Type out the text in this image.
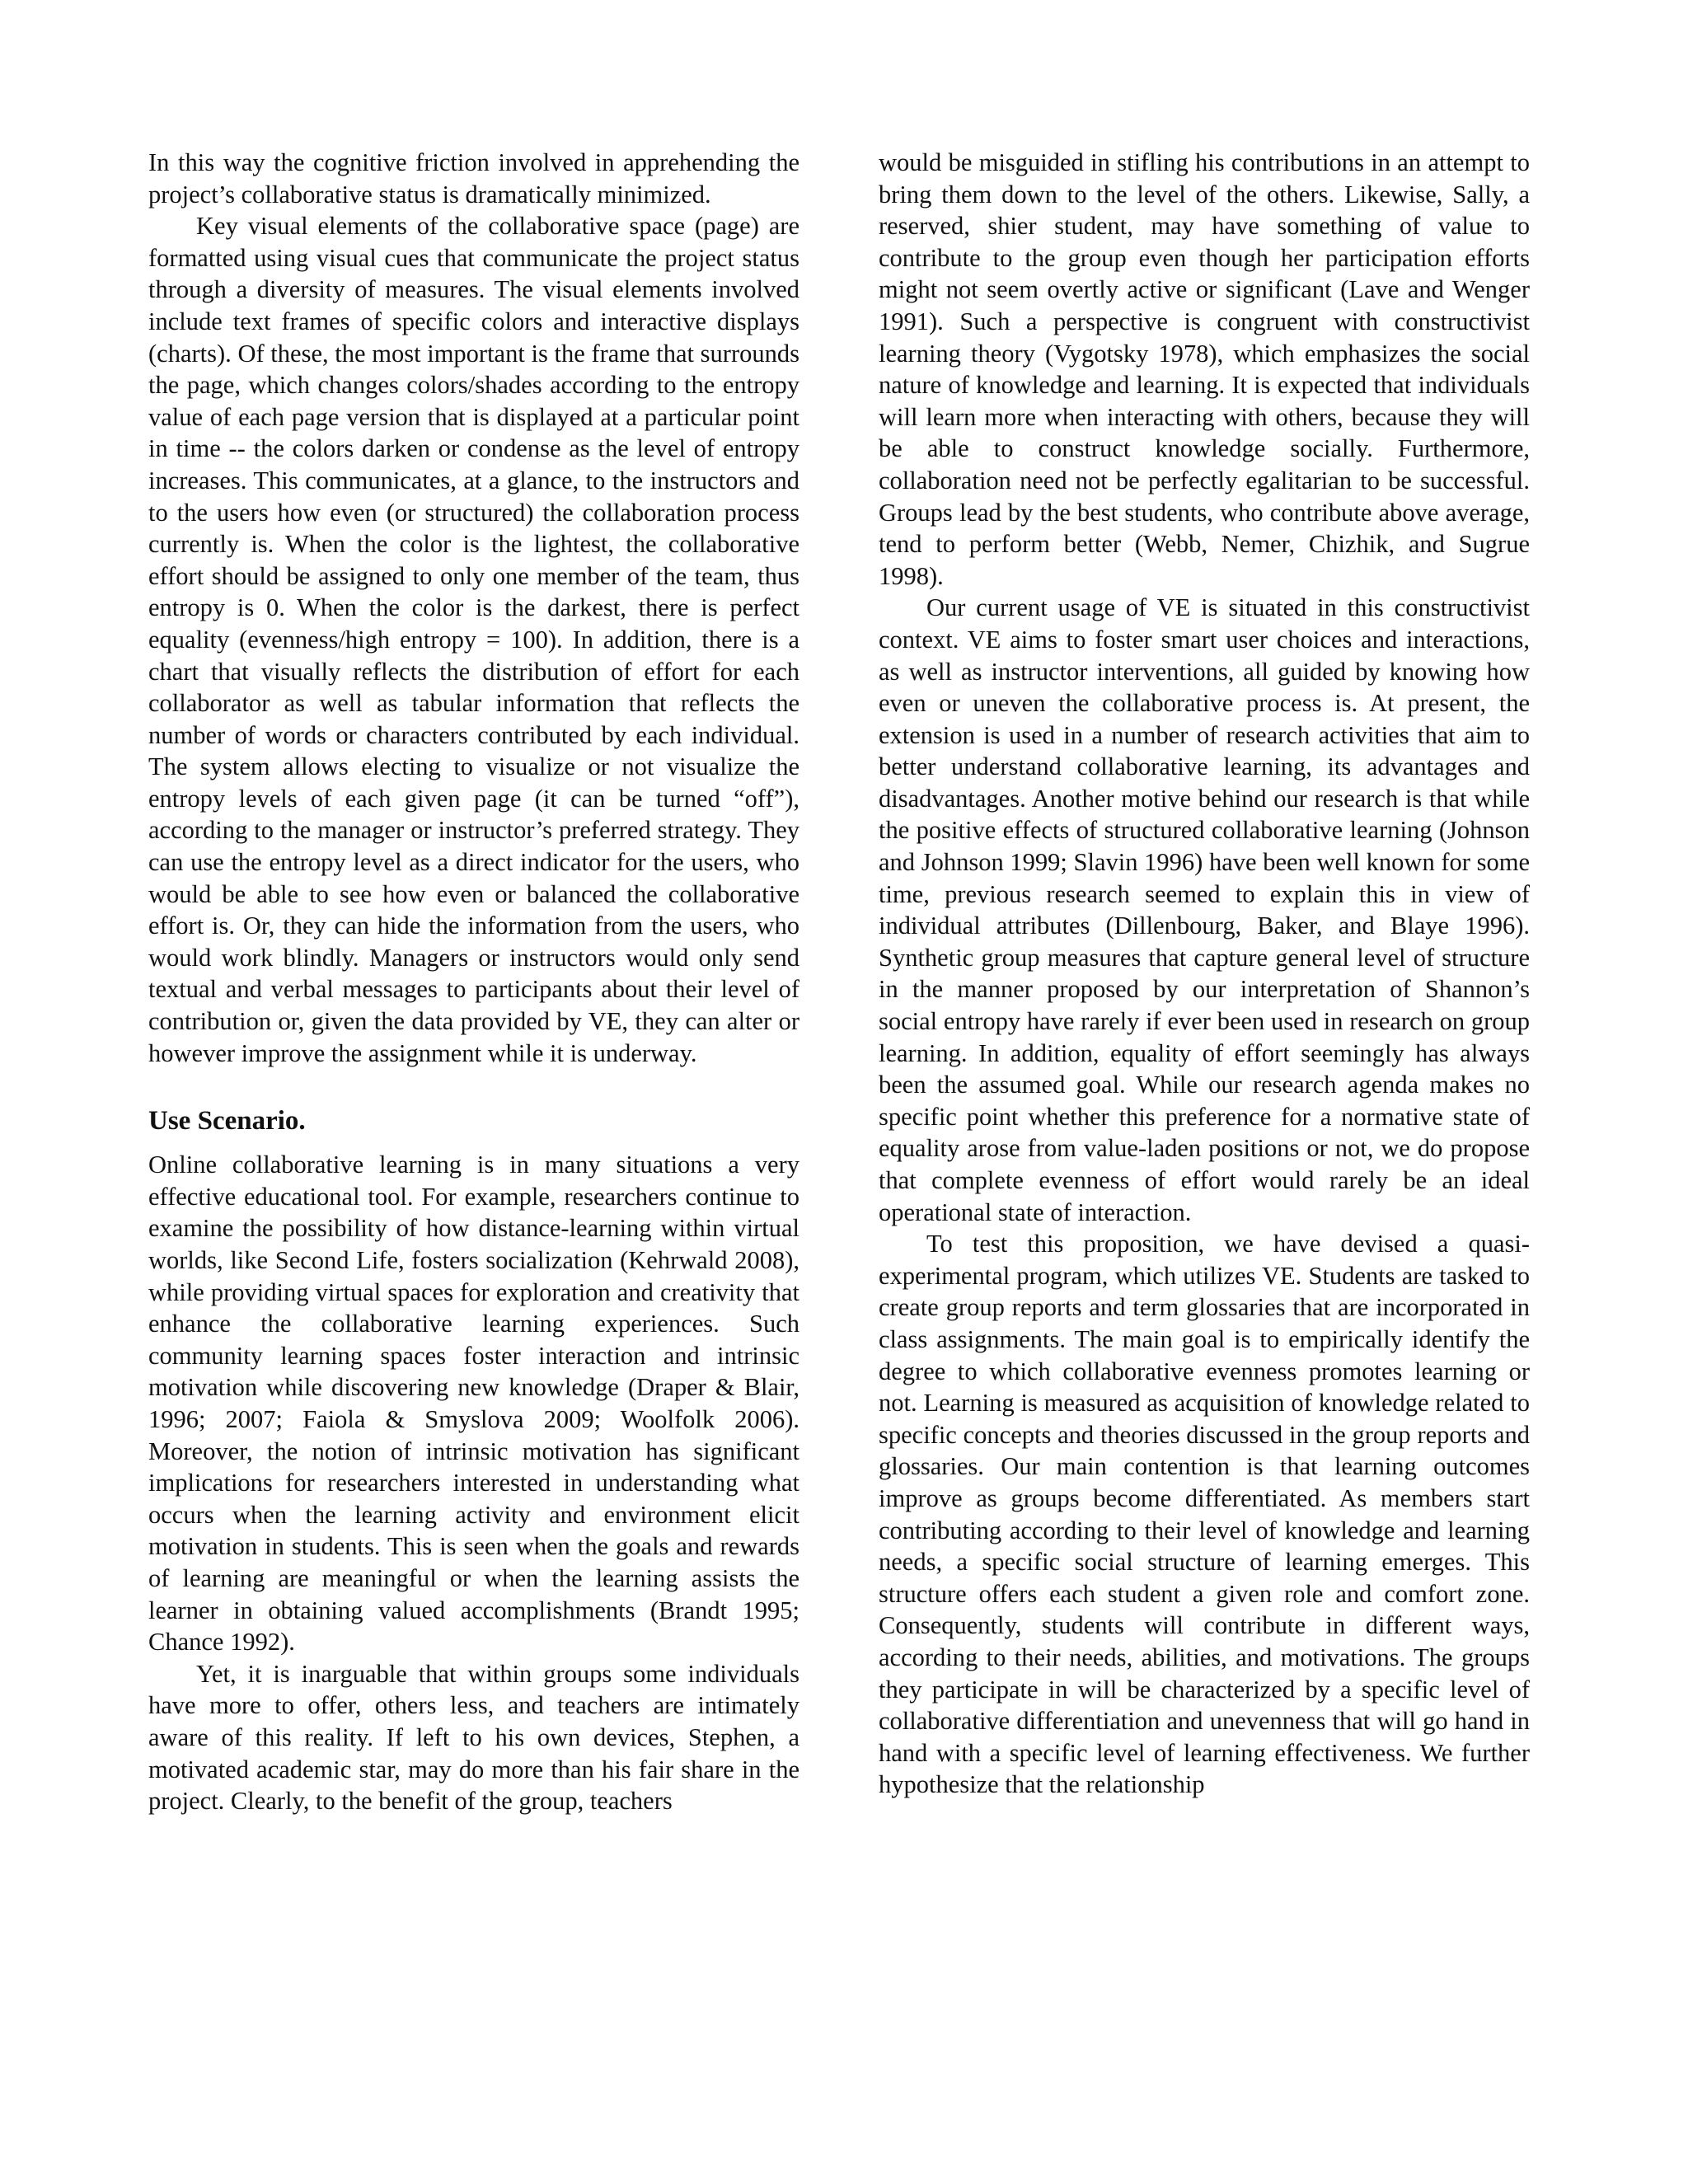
In this way the cognitive friction involved in apprehending the project’s collaborative status is dramatically minimized.

Key visual elements of the collaborative space (page) are formatted using visual cues that communicate the project status through a diversity of measures. The visual elements involved include text frames of specific colors and interactive displays (charts). Of these, the most important is the frame that surrounds the page, which changes colors/shades according to the entropy value of each page version that is displayed at a particular point in time -- the colors darken or condense as the level of entropy increases. This communicates, at a glance, to the instructors and to the users how even (or structured) the collaboration process currently is. When the color is the lightest, the collaborative effort should be assigned to only one member of the team, thus entropy is 0. When the color is the darkest, there is perfect equality (evenness/high entropy = 100). In addition, there is a chart that visually reflects the distribution of effort for each collaborator as well as tabular information that reflects the number of words or characters contributed by each individual. The system allows electing to visualize or not visualize the entropy levels of each given page (it can be turned “off”), according to the manager or instructor’s preferred strategy. They can use the entropy level as a direct indicator for the users, who would be able to see how even or balanced the collaborative effort is. Or, they can hide the information from the users, who would work blindly. Managers or instructors would only send textual and verbal messages to participants about their level of contribution or, given the data provided by VE, they can alter or however improve the assignment while it is underway.

Use Scenario.

Online collaborative learning is in many situations a very effective educational tool. For example, researchers continue to examine the possibility of how distance-learning within virtual worlds, like Second Life, fosters socialization (Kehrwald 2008), while providing virtual spaces for exploration and creativity that enhance the collaborative learning experiences. Such community learning spaces foster interaction and intrinsic motivation while discovering new knowledge (Draper & Blair, 1996; 2007; Faiola & Smyslova 2009; Woolfolk 2006). Moreover, the notion of intrinsic motivation has significant implications for researchers interested in understanding what occurs when the learning activity and environment elicit motivation in students. This is seen when the goals and rewards of learning are meaningful or when the learning assists the learner in obtaining valued accomplishments (Brandt 1995; Chance 1992).

Yet, it is inarguable that within groups some individuals have more to offer, others less, and teachers are intimately aware of this reality. If left to his own devices, Stephen, a motivated academic star, may do more than his fair share in the project. Clearly, to the benefit of the group, teachers

would be misguided in stifling his contributions in an attempt to bring them down to the level of the others. Likewise, Sally, a reserved, shier student, may have something of value to contribute to the group even though her participation efforts might not seem overtly active or significant (Lave and Wenger 1991). Such a perspective is congruent with constructivist learning theory (Vygotsky 1978), which emphasizes the social nature of knowledge and learning. It is expected that individuals will learn more when interacting with others, because they will be able to construct knowledge socially. Furthermore, collaboration need not be perfectly egalitarian to be successful. Groups lead by the best students, who contribute above average, tend to perform better (Webb, Nemer, Chizhik, and Sugrue 1998).

Our current usage of VE is situated in this constructivist context. VE aims to foster smart user choices and interactions, as well as instructor interventions, all guided by knowing how even or uneven the collaborative process is. At present, the extension is used in a number of research activities that aim to better understand collaborative learning, its advantages and disadvantages. Another motive behind our research is that while the positive effects of structured collaborative learning (Johnson and Johnson 1999; Slavin 1996) have been well known for some time, previous research seemed to explain this in view of individual attributes (Dillenbourg, Baker, and Blaye 1996). Synthetic group measures that capture general level of structure in the manner proposed by our interpretation of Shannon’s social entropy have rarely if ever been used in research on group learning. In addition, equality of effort seemingly has always been the assumed goal. While our research agenda makes no specific point whether this preference for a normative state of equality arose from value-laden positions or not, we do propose that complete evenness of effort would rarely be an ideal operational state of interaction.

To test this proposition, we have devised a quasi-experimental program, which utilizes VE. Students are tasked to create group reports and term glossaries that are incorporated in class assignments. The main goal is to empirically identify the degree to which collaborative evenness promotes learning or not. Learning is measured as acquisition of knowledge related to specific concepts and theories discussed in the group reports and glossaries. Our main contention is that learning outcomes improve as groups become differentiated. As members start contributing according to their level of knowledge and learning needs, a specific social structure of learning emerges. This structure offers each student a given role and comfort zone. Consequently, students will contribute in different ways, according to their needs, abilities, and motivations. The groups they participate in will be characterized by a specific level of collaborative differentiation and unevenness that will go hand in hand with a specific level of learning effectiveness. We further hypothesize that the relationship
